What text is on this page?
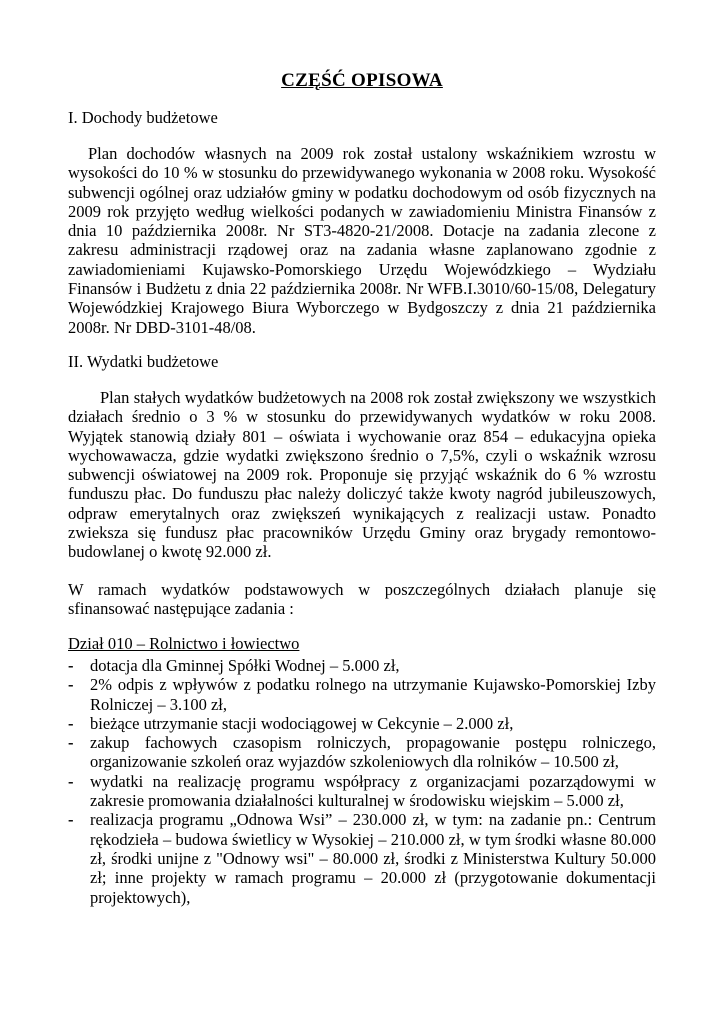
CZĘŚĆ OPISOWA
I. Dochody budżetowe

Plan dochodów własnych na 2009 rok został ustalony wskaźnikiem wzrostu w wysokości do 10 % w stosunku do przewidywanego wykonania w 2008 roku. Wysokość subwencji ogólnej oraz udziałów gminy w podatku dochodowym od osób fizycznych na 2009 rok przyjęto według wielkości podanych w zawiadomieniu Ministra Finansów z dnia 10 października 2008r. Nr ST3-4820-21/2008. Dotacje na zadania zlecone z zakresu administracji rządowej oraz na zadania własne zaplanowano zgodnie z zawiadomieniami Kujawsko-Pomorskiego Urzędu Wojewódzkiego – Wydziału Finansów i Budżetu z dnia 22 października 2008r. Nr WFB.I.3010/60-15/08, Delegatury Wojewódzkiej Krajowego Biura Wyborczego w Bydgoszczy z dnia 21 października 2008r. Nr DBD-3101-48/08.

II. Wydatki budżetowe

Plan stałych wydatków budżetowych na 2008 rok został zwiększony we wszystkich działach średnio o 3 % w stosunku do przewidywanych wydatków w roku 2008. Wyjątek stanowią działy 801 – oświata i wychowanie oraz 854 – edukacyjna opieka wychowawacza, gdzie wydatki zwiększono średnio o 7,5%, czyli o wskaźnik wzrosu subwencji oświatowej na 2009 rok. Proponuje się przyjąć wskaźnik do 6 % wzrostu funduszu płac. Do funduszu płac należy doliczyć także kwoty nagród jubileuszowych, odpraw emerytalnych oraz zwiększeń wynikających z realizacji ustaw. Ponadto zwieksza się fundusz płac pracowników Urzędu Gminy oraz brygady remontowo-budowlanej o kwotę 92.000 zł.

W ramach wydatków podstawowych w poszczególnych działach planuje się sfinansować następujące zadania :

Dział 010 – Rolnictwo i łowiectwo
- dotacja dla Gminnej Spółki Wodnej – 5.000 zł,
- 2% odpis z wpływów z podatku rolnego na utrzymanie Kujawsko-Pomorskiej Izby Rolniczej – 3.100 zł,
- bieżące utrzymanie stacji wodociągowej w Cekcynie – 2.000 zł,
- zakup fachowych czasopism rolniczych, propagowanie postępu rolniczego, organizowanie szkoleń oraz wyjazdów szkoleniowych dla rolników – 10.500 zł,
- wydatki na realizację programu współpracy z organizacjami pozarządowymi w zakresie promowania działalności kulturalnej w środowisku wiejskim – 5.000 zł,
- realizacja programu „Odnowa Wsi” – 230.000 zł, w tym: na zadanie pn.: Centrum rękodzieła – budowa świetlicy w Wysokiej – 210.000 zł, w tym środki własne 80.000 zł, środki unijne z "Odnowy wsi" – 80.000 zł, środki z Ministerstwa Kultury 50.000 zł; inne projekty w ramach programu – 20.000 zł (przygotowanie dokumentacji projektowych),
